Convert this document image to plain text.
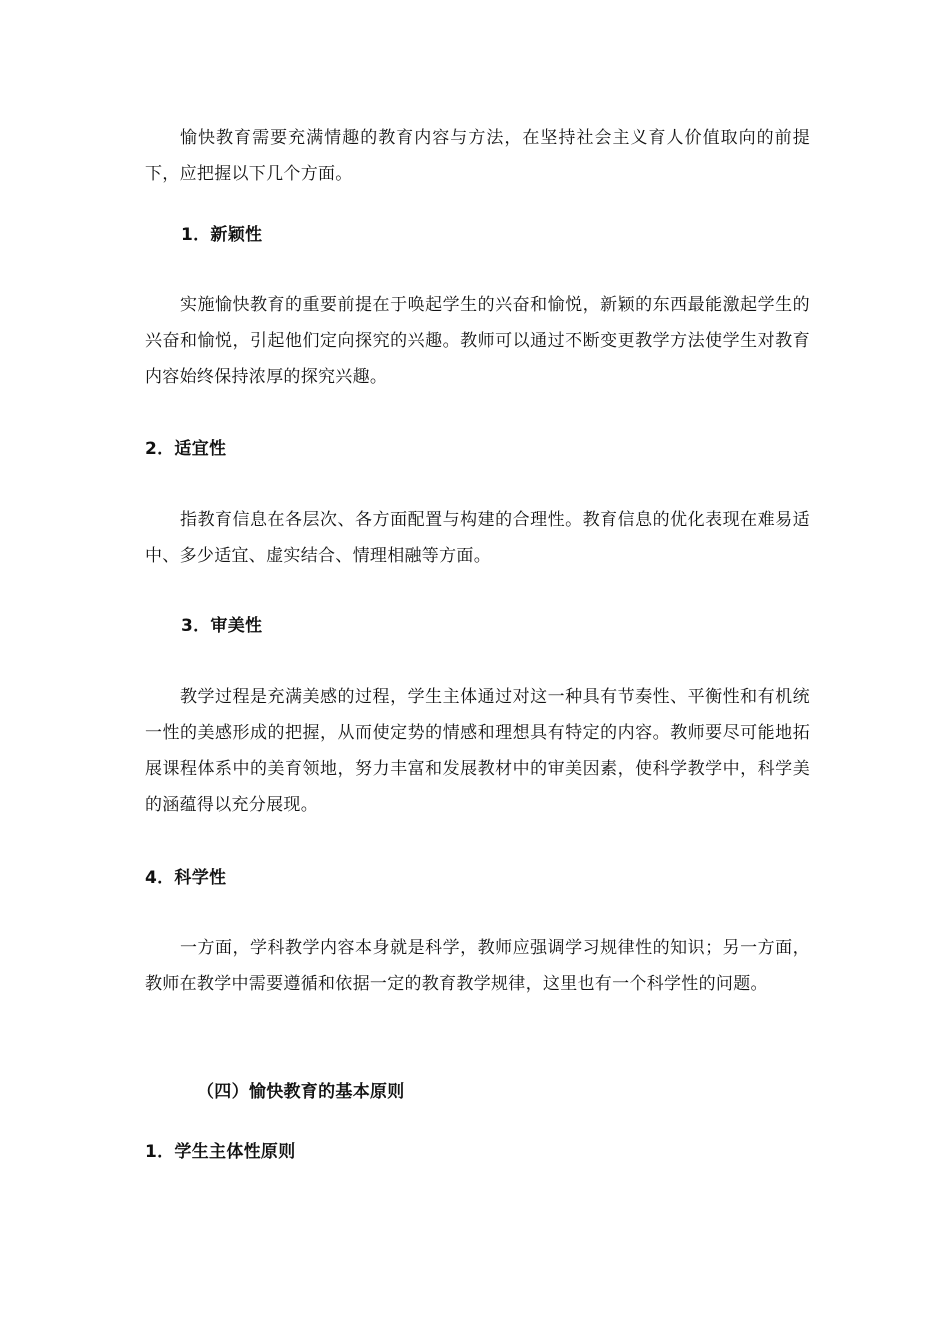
愉快教育需要充满情趣的教育内容与方法，在坚持社会主义育人价值取向的前提下，应把握以下几个方面。

1．新颖性

实施愉快教育的重要前提在于唤起学生的兴奋和愉悦，新颖的东西最能激起学生的兴奋和愉悦，引起他们定向探究的兴趣。教师可以通过不断变更教学方法使学生对教育内容始终保持浓厚的探究兴趣。

2．适宜性

指教育信息在各层次、各方面配置与构建的合理性。教育信息的优化表现在难易适中、多少适宜、虚实结合、情理相融等方面。

3．审美性

教学过程是充满美感的过程，学生主体通过对这一种具有节奏性、平衡性和有机统一性的美感形成的把握，从而使定势的情感和理想具有特定的内容。教师要尽可能地拓展课程体系中的美育领地，努力丰富和发展教材中的审美因素，使科学教学中，科学美的涵蕴得以充分展现。

4．科学性

一方面，学科教学内容本身就是科学，教师应强调学习规律性的知识；另一方面，教师在教学中需要遵循和依据一定的教育教学规律，这里也有一个科学性的问题。

（四）愉快教育的基本原则
1．学生主体性原则
